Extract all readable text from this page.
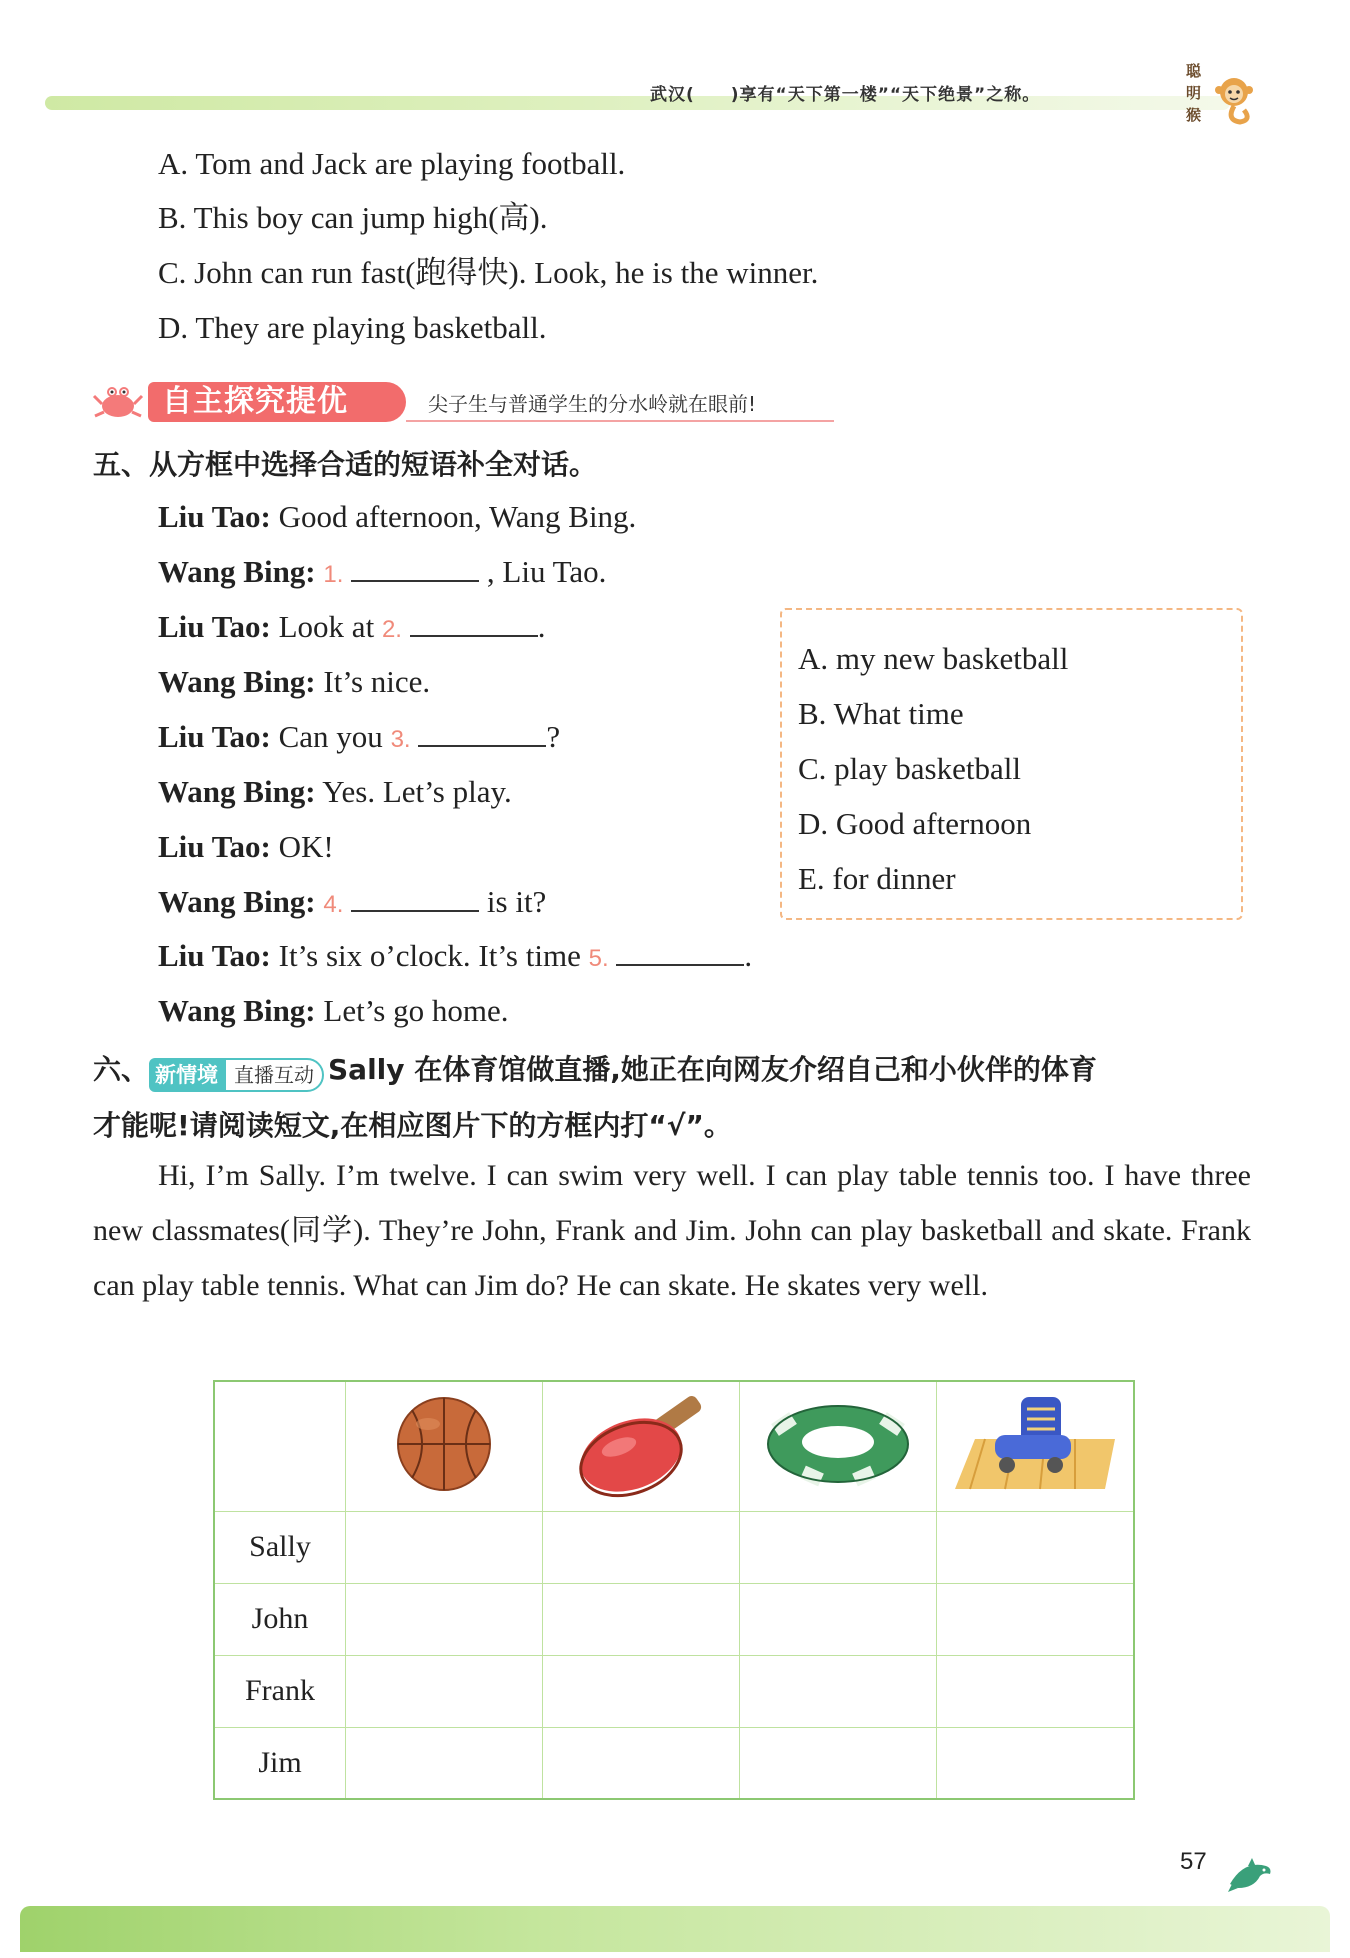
武汉(　　)享有“天下第一楼”“天下绝景”之称。
聪
明
猴
A. Tom and Jack are playing football.
B. This boy can jump high(高).
C. John can run fast(跑得快). Look, he is the winner.
D. They are playing basketball.
自主探究提优	尖子生与普通学生的分水岭就在眼前!
五、从方框中选择合适的短语补全对话。
Liu Tao: Good afternoon, Wang Bing.
Wang Bing: 1.	, Liu Tao.
Liu Tao: Look at 2.	.
Wang Bing: It’s nice.
Liu Tao: Can you 3.	?
Wang Bing: Yes. Let’s play.
Liu Tao: OK!
Wang Bing: 4.	is it?
Liu Tao: It’s six o’clock. It’s time 5.	.
Wang Bing: Let’s go home.
A. my new basketball
B. What time
C. play basketball
D. Good afternoon
E. for dinner
六、 新情境 直播互动 Sally 在体育馆做直播,她正在向网友介绍自己和小伙伴的体育
才能呢!请阅读短文,在相应图片下的方框内打“√”。
Hi, I’m Sally. I’m twelve. I can swim very well. I can play table tennis too. I have three new classmates(同学). They’re John, Frank and Jim. John can play basketball and skate. Frank can play table tennis. What can Jim do? He can skate. He skates very well.

Sally				
John				
Frank				
Jim				
57
